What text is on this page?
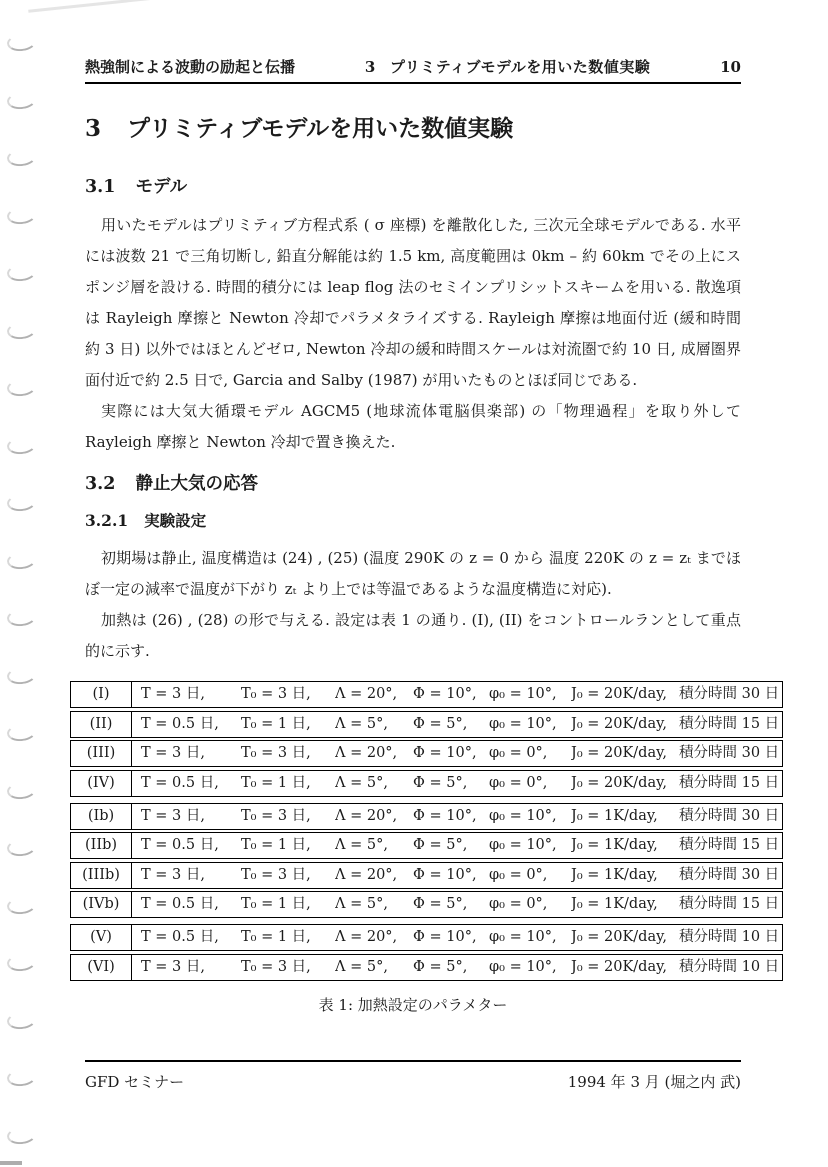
熱強制による波動の励起と伝播	3 プリミティブモデルを用いた数値実験	10
3 プリミティブモデルを用いた数値実験
3.1 モデル

用いたモデルはプリミティブ方程式系 ( σ 座標) を離散化した, 三次元全球モデルである. 水平には波数 21 で三角切断し, 鉛直分解能は約 1.5 km, 高度範囲は 0km – 約 60km でその上にスポンジ層を設ける. 時間的積分には leap flog 法のセミインプリシットスキームを用いる. 散逸項は Rayleigh 摩擦と Newton 冷却でパラメタライズする. Rayleigh 摩擦は地面付近 (緩和時間約 3 日) 以外ではほとんどゼロ, Newton 冷却の緩和時間スケールは対流圏で約 10 日, 成層圏界面付近で約 2.5 日で, Garcia and Salby (1987) が用いたものとほぼ同じである.

実際には大気大循環モデル AGCM5 (地球流体電脳倶楽部) の「物理過程」を取り外して Rayleigh 摩擦と Newton 冷却で置き換えた.

3.2 静止大気の応答
3.2.1 実験設定

初期場は静止, 温度構造は (24) , (25) (温度 290K の z = 0 から 温度 220K の z = zₜ までほぼ一定の減率で温度が下がり zₜ より上では等温であるような温度構造に対応).

加熱は (26) , (28) の形で与える. 設定は表 1 の通り. (I), (II) をコントロールランとして重点的に示す.

(I)	T = 3 日,	T₀ = 3 日,	Λ = 20°,	Φ = 10°, φ₀ = 10°, J₀ = 20K/day, 積分時間 30 日
(II)	T = 0.5 日,	T₀ = 1 日,	Λ = 5°,	Φ = 5°,	φ₀ = 10°, J₀ = 20K/day, 積分時間 15 日
(III)	T = 3 日,	T₀ = 3 日,	Λ = 20°,	Φ = 10°, φ₀ = 0°,	J₀ = 20K/day, 積分時間 30 日
(IV)	T = 0.5 日,	T₀ = 1 日,	Λ = 5°,	Φ = 5°,	φ₀ = 0°,	J₀ = 20K/day, 積分時間 15 日
(Ib)	T = 3 日,	T₀ = 3 日,	Λ = 20°,	Φ = 10°, φ₀ = 10°, J₀ = 1K/day,	積分時間 30 日
(IIb)	T = 0.5 日,	T₀ = 1 日,	Λ = 5°,	Φ = 5°,	φ₀ = 10°, J₀ = 1K/day,	積分時間 15 日
(IIIb)	T = 3 日,	T₀ = 3 日,	Λ = 20°,	Φ = 10°, φ₀ = 0°,	J₀ = 1K/day,	積分時間 30 日
(IVb)	T = 0.5 日,	T₀ = 1 日,	Λ = 5°,	Φ = 5°,	φ₀ = 0°,	J₀ = 1K/day,	積分時間 15 日
(V)	T = 0.5 日,	T₀ = 1 日,	Λ = 20°,	Φ = 10°, φ₀ = 10°, J₀ = 20K/day, 積分時間 10 日
(VI)	T = 3 日,	T₀ = 3 日,	Λ = 5°,	Φ = 5°,	φ₀ = 10°, J₀ = 20K/day, 積分時間 10 日
表 1: 加熱設定のパラメター
GFD セミナー	1994 年 3 月 (堀之内 武)
